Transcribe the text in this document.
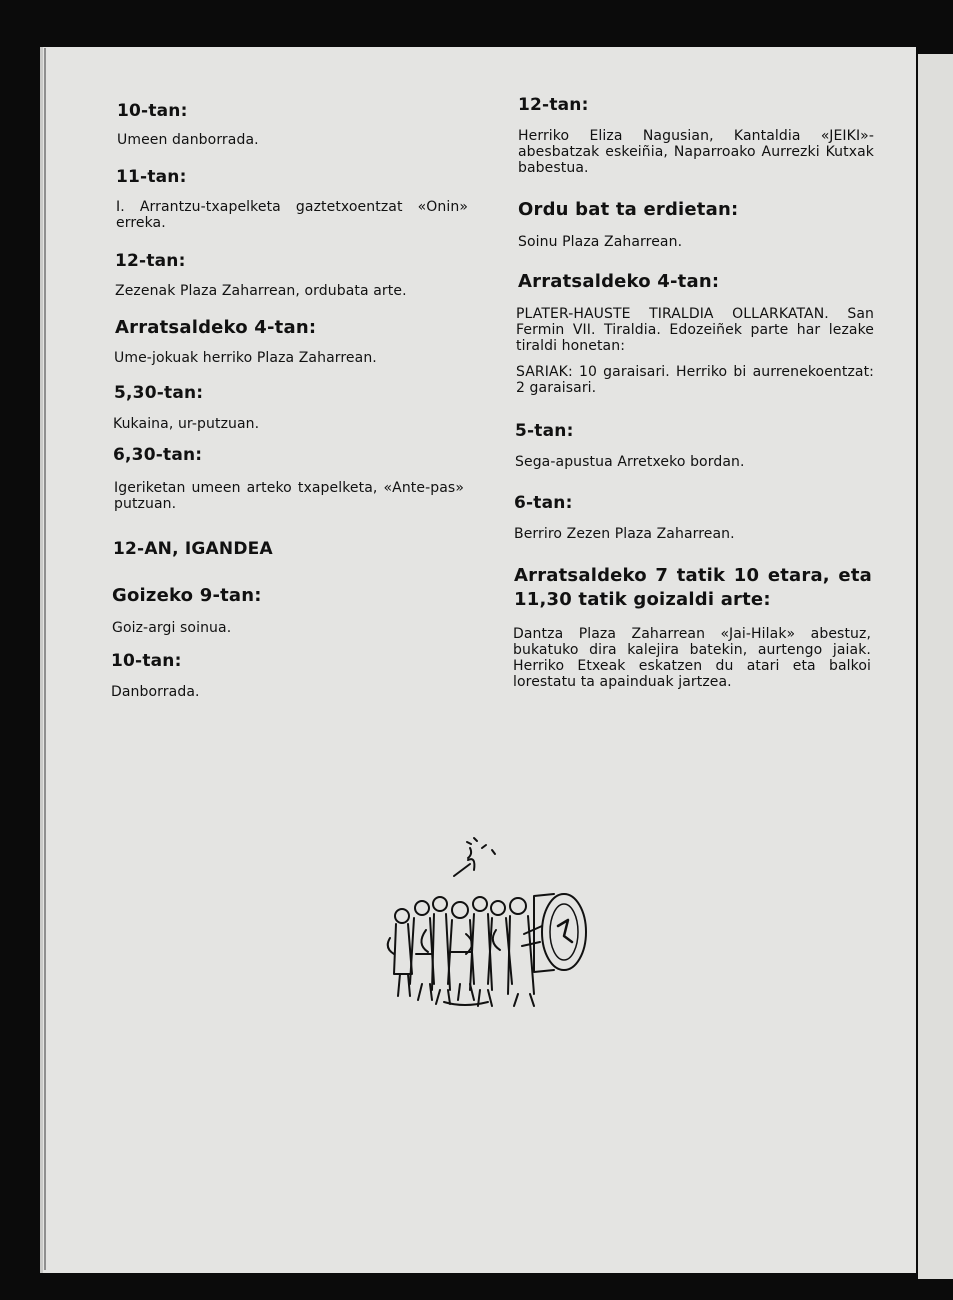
10-tan:

Umeen danborrada.

11-tan:

I. Arrantzu-txapelketa gaztetxoentzat «Onin» erreka.

12-tan:

Zezenak Plaza Zaharrean, ordubata arte.

Arratsaldeko 4-tan:

Ume-jokuak herriko Plaza Zaharrean.

5,30-tan:

Kukaina, ur-putzuan.

6,30-tan:

Igeriketan umeen arteko txapelketa, «Ante-pas» putzuan.

12-AN, IGANDEA

Goizeko 9-tan:

Goiz-argi soinua.

10-tan:

Danborrada.

12-tan:

Herriko Eliza Nagusian, Kantaldia «JEIKI»-abesbatzak eskeiñia, Naparroako Aurrezki Kutxak babestua.

Ordu bat ta erdietan:

Soinu Plaza Zaharrean.

Arratsaldeko 4-tan:

PLATER-HAUSTE TIRALDIA OLLARKATAN. San Fermin VII. Tiraldia. Edozeiñek parte har lezake tiraldi honetan:

SARIAK: 10 garaisari. Herriko bi aurrenekoentzat: 2 garaisari.

5-tan:

Sega-apustua Arretxeko bordan.

6-tan:

Berriro Zezen Plaza Zaharrean.

Arratsaldeko 7 tatik 10 etara, eta 11,30 tatik goizaldi arte:

Dantza Plaza Zaharrean «Jai-Hilak» abestuz, bukatuko dira kalejira batekin, aurtengo jaiak. Herriko Etxeak eskatzen du atari eta balkoi lorestatu ta apainduak jartzea.
